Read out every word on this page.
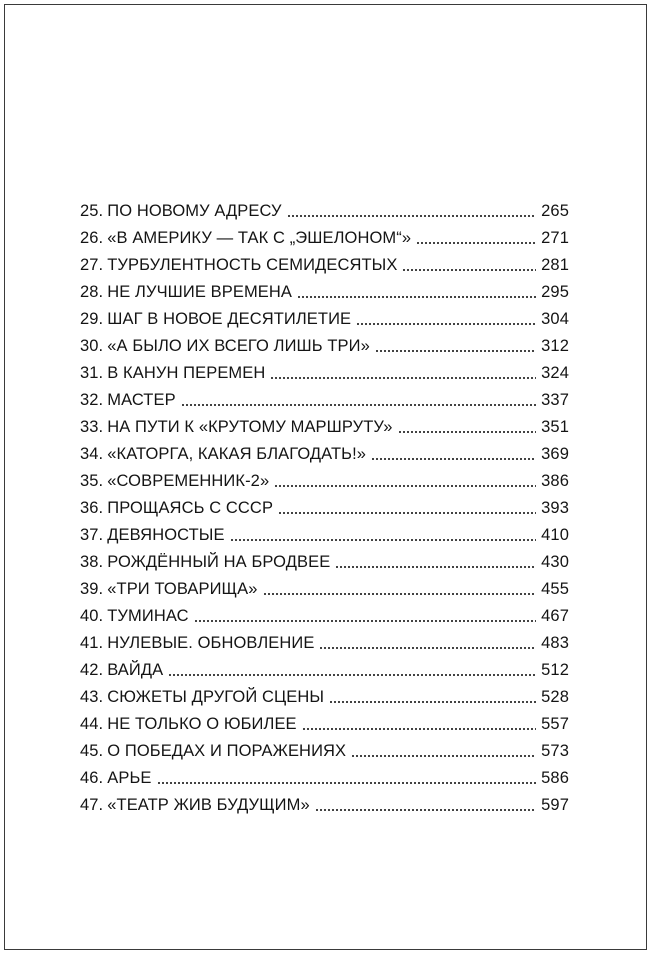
25. ПО НОВОМУ АДРЕСУ	265
26. «В АМЕРИКУ — ТАК С „ЭШЕЛОНОМ“»	271
27. ТУРБУЛЕНТНОСТЬ СЕМИДЕСЯТЫХ	281
28. НЕ ЛУЧШИЕ ВРЕМЕНА	295
29. ШАГ В НОВОЕ ДЕСЯТИЛЕТИЕ	304
30. «А БЫЛО ИХ ВСЕГО ЛИШЬ ТРИ»	312
31. В КАНУН ПЕРЕМЕН	324
32. МАСТЕР	337
33. НА ПУТИ К «КРУТОМУ МАРШРУТУ»	351
34. «КАТОРГА, КАКАЯ БЛАГОДАТЬ!»	369
35. «СОВРЕМЕННИК-2»	386
36. ПРОЩАЯСЬ С СССР	393
37. ДЕВЯНОСТЫЕ	410
38. РОЖДЁННЫЙ НА БРОДВЕЕ	430
39. «ТРИ ТОВАРИЩА»	455
40. ТУМИНАС	467
41. НУЛЕВЫЕ. ОБНОВЛЕНИЕ	483
42. ВАЙДА	512
43. СЮЖЕТЫ ДРУГОЙ СЦЕНЫ	528
44. НЕ ТОЛЬКО О ЮБИЛЕЕ	557
45. О ПОБЕДАХ И ПОРАЖЕНИЯХ	573
46. АРЬЕ	586
47. «ТЕАТР ЖИВ БУДУЩИМ»	597
